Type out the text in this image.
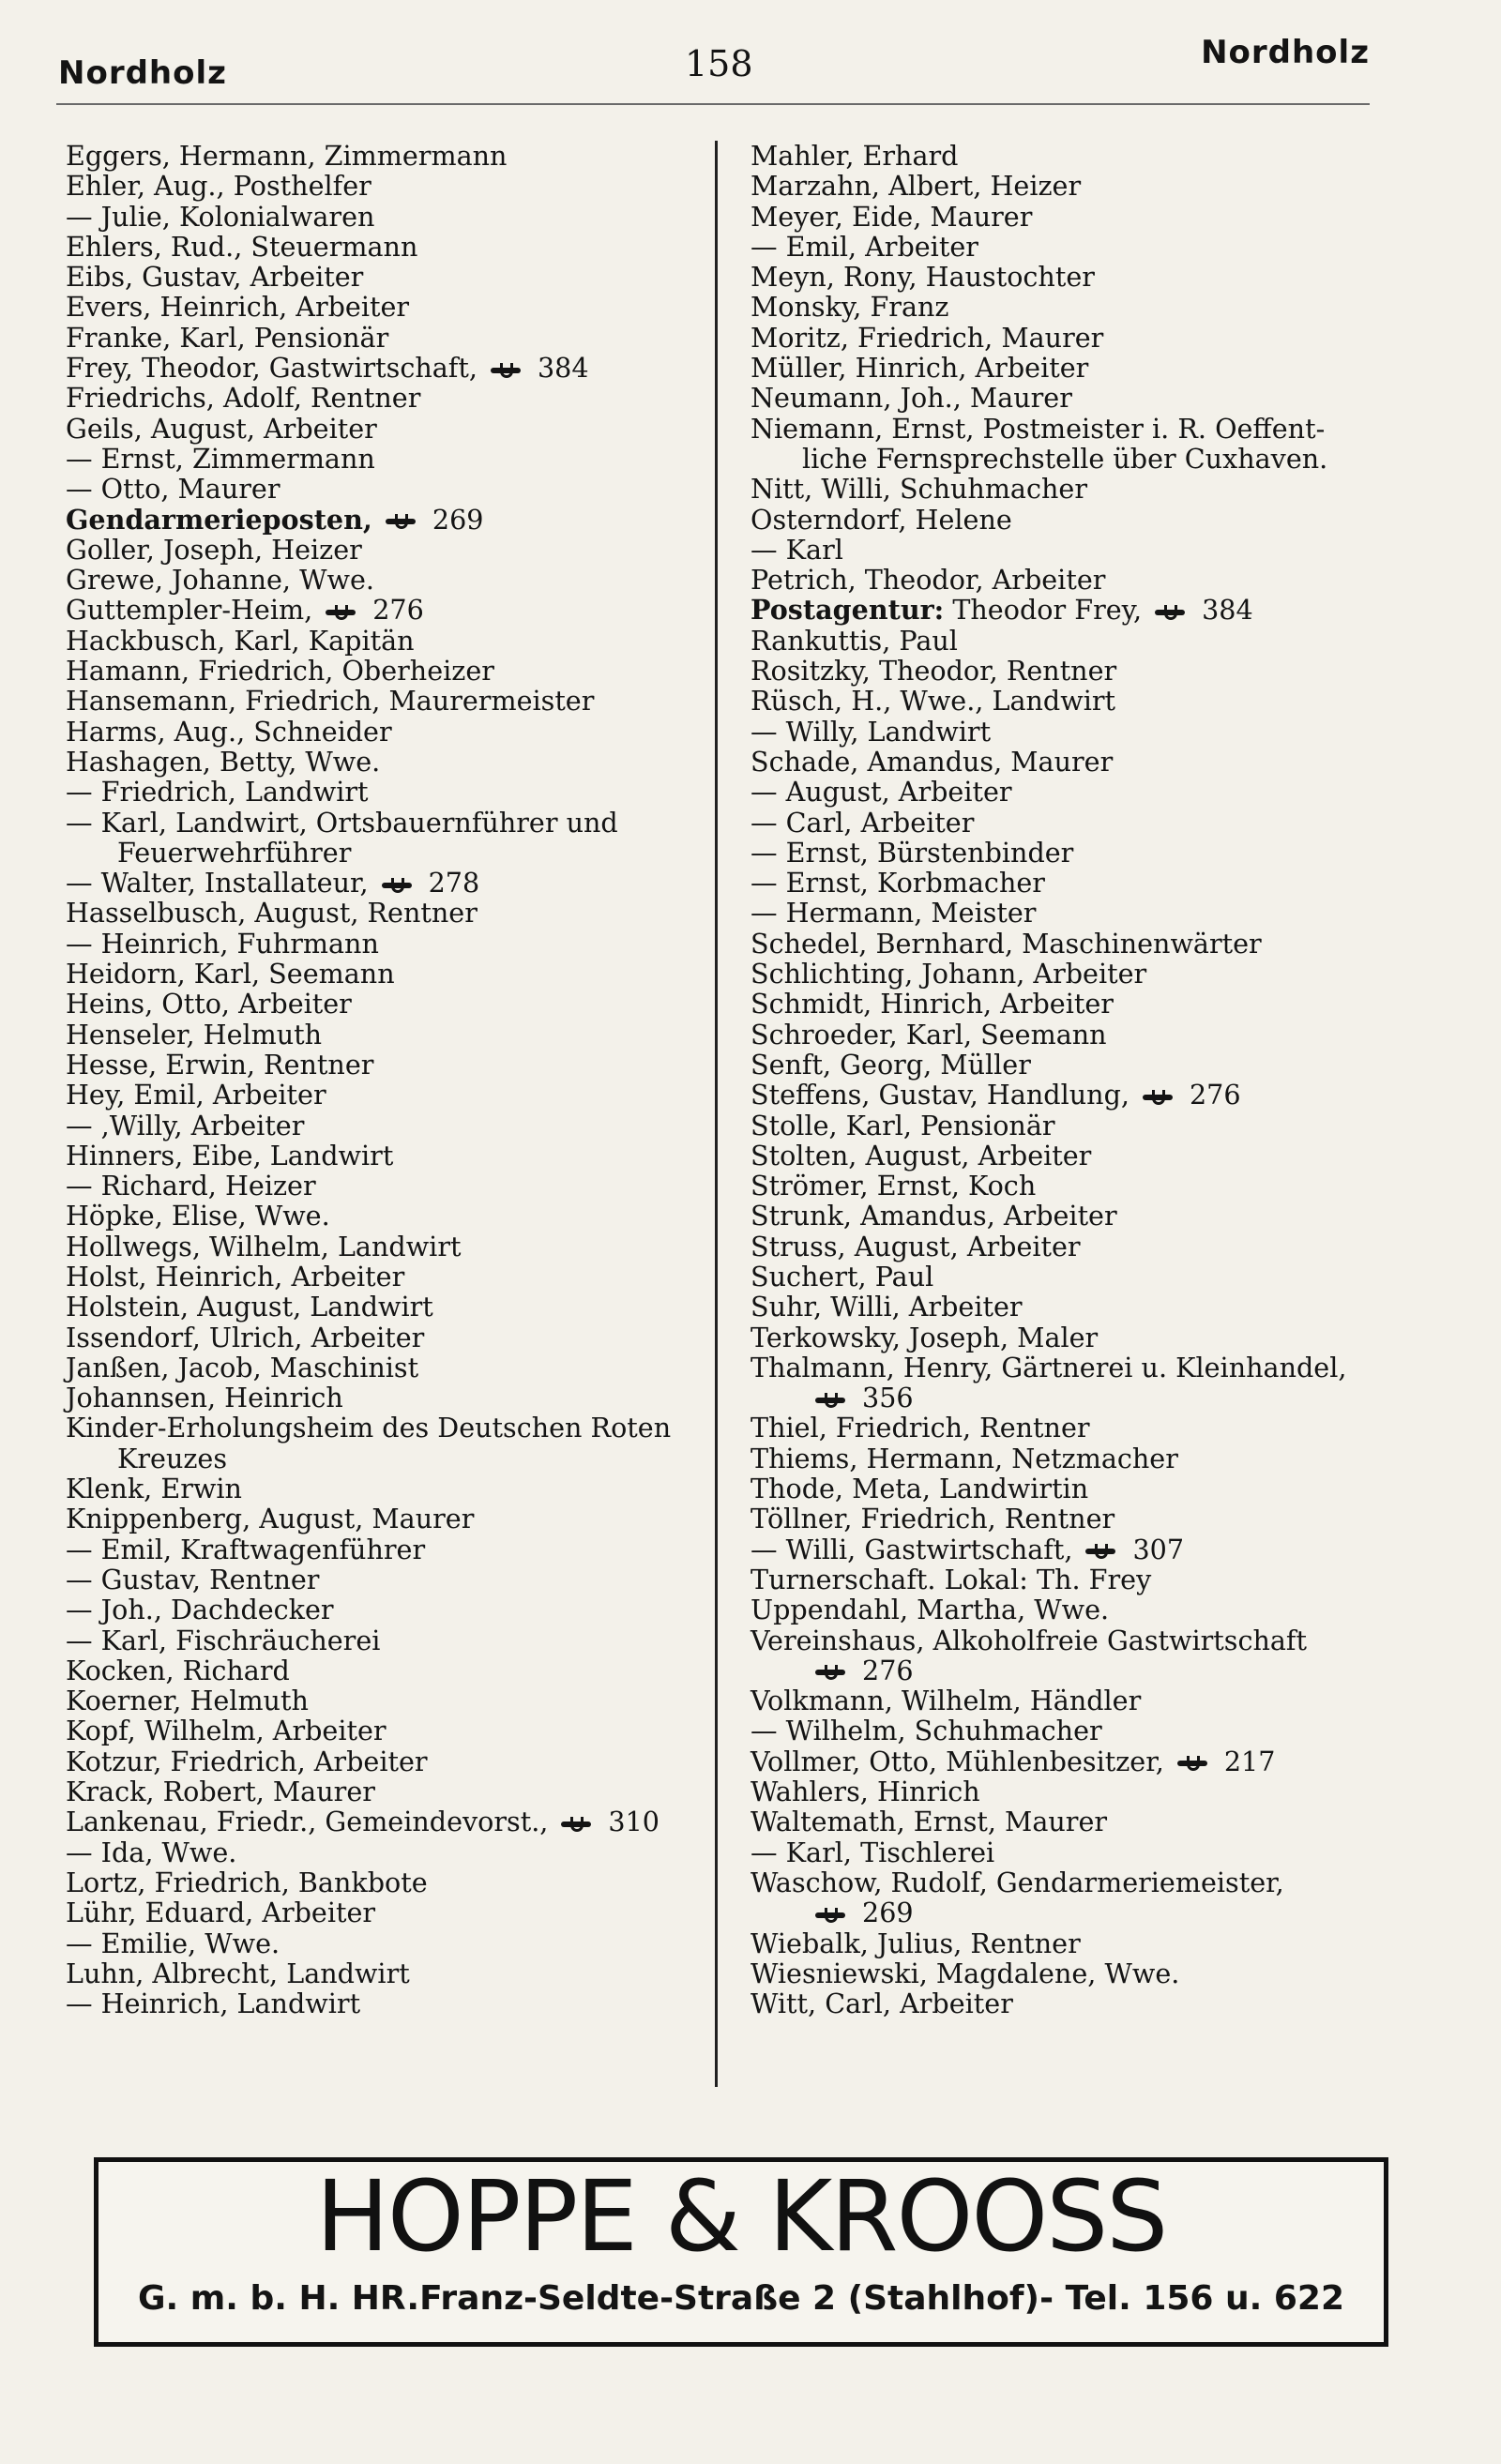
Nordholz	158	Nordholz
Eggers, Hermann, Zimmermann
Ehler, Aug., Posthelfer
— Julie, Kolonialwaren
Ehlers, Rud., Steuermann
Eibs, Gustav, Arbeiter
Evers, Heinrich, Arbeiter
Franke, Karl, Pensionär
Frey, Theodor, Gastwirtschaft, 384
Friedrichs, Adolf, Rentner
Geils, August, Arbeiter
— Ernst, Zimmermann
— Otto, Maurer
Gendarmerieposten, 269
Goller, Joseph, Heizer
Grewe, Johanne, Wwe.
Guttempler-Heim, 276
Hackbusch, Karl, Kapitän
Hamann, Friedrich, Oberheizer
Hansemann, Friedrich, Maurermeister
Harms, Aug., Schneider
Hashagen, Betty, Wwe.
— Friedrich, Landwirt
— Karl, Landwirt, Ortsbauernführer und
Feuerwehrführer
— Walter, Installateur, 278
Hasselbusch, August, Rentner
— Heinrich, Fuhrmann
Heidorn, Karl, Seemann
Heins, Otto, Arbeiter
Henseler, Helmuth
Hesse, Erwin, Rentner
Hey, Emil, Arbeiter
— ,Willy, Arbeiter
Hinners, Eibe, Landwirt
— Richard, Heizer
Höpke, Elise, Wwe.
Hollwegs, Wilhelm, Landwirt
Holst, Heinrich, Arbeiter
Holstein, August, Landwirt
Issendorf, Ulrich, Arbeiter
Janßen, Jacob, Maschinist
Johannsen, Heinrich
Kinder-Erholungsheim des Deutschen Roten
Kreuzes
Klenk, Erwin
Knippenberg, August, Maurer
— Emil, Kraftwagenführer
— Gustav, Rentner
— Joh., Dachdecker
— Karl, Fischräucherei
Kocken, Richard
Koerner, Helmuth
Kopf, Wilhelm, Arbeiter
Kotzur, Friedrich, Arbeiter
Krack, Robert, Maurer
Lankenau, Friedr., Gemeindevorst., 310
— Ida, Wwe.
Lortz, Friedrich, Bankbote
Lühr, Eduard, Arbeiter
— Emilie, Wwe.
Luhn, Albrecht, Landwirt
— Heinrich, Landwirt
Mahler, Erhard
Marzahn, Albert, Heizer
Meyer, Eide, Maurer
— Emil, Arbeiter
Meyn, Rony, Haustochter
Monsky, Franz
Moritz, Friedrich, Maurer
Müller, Hinrich, Arbeiter
Neumann, Joh., Maurer
Niemann, Ernst, Postmeister i. R. Oeffent-
liche Fernsprechstelle über Cuxhaven.
Nitt, Willi, Schuhmacher
Osterndorf, Helene
— Karl
Petrich, Theodor, Arbeiter
Postagentur: Theodor Frey, 384
Rankuttis, Paul
Rositzky, Theodor, Rentner
Rüsch, H., Wwe., Landwirt
— Willy, Landwirt
Schade, Amandus, Maurer
— August, Arbeiter
— Carl, Arbeiter
— Ernst, Bürstenbinder
— Ernst, Korbmacher
— Hermann, Meister
Schedel, Bernhard, Maschinenwärter
Schlichting, Johann, Arbeiter
Schmidt, Hinrich, Arbeiter
Schroeder, Karl, Seemann
Senft, Georg, Müller
Steffens, Gustav, Handlung, 276
Stolle, Karl, Pensionär
Stolten, August, Arbeiter
Strömer, Ernst, Koch
Strunk, Amandus, Arbeiter
Struss, August, Arbeiter
Suchert, Paul
Suhr, Willi, Arbeiter
Terkowsky, Joseph, Maler
Thalmann, Henry, Gärtnerei u. Kleinhandel,
356
Thiel, Friedrich, Rentner
Thiems, Hermann, Netzmacher
Thode, Meta, Landwirtin
Töllner, Friedrich, Rentner
— Willi, Gastwirtschaft, 307
Turnerschaft. Lokal: Th. Frey
Uppendahl, Martha, Wwe.
Vereinshaus, Alkoholfreie Gastwirtschaft
276
Volkmann, Wilhelm, Händler
— Wilhelm, Schuhmacher
Vollmer, Otto, Mühlenbesitzer, 217
Wahlers, Hinrich
Waltemath, Ernst, Maurer
— Karl, Tischlerei
Waschow, Rudolf, Gendarmeriemeister,
269
Wiebalk, Julius, Rentner
Wiesniewski, Magdalene, Wwe.
Witt, Carl, Arbeiter
HOPPE & KROOSS
G. m. b. H. HR. Franz-Seldte-Straße 2 (Stahlhof) - Tel. 156 u. 622
